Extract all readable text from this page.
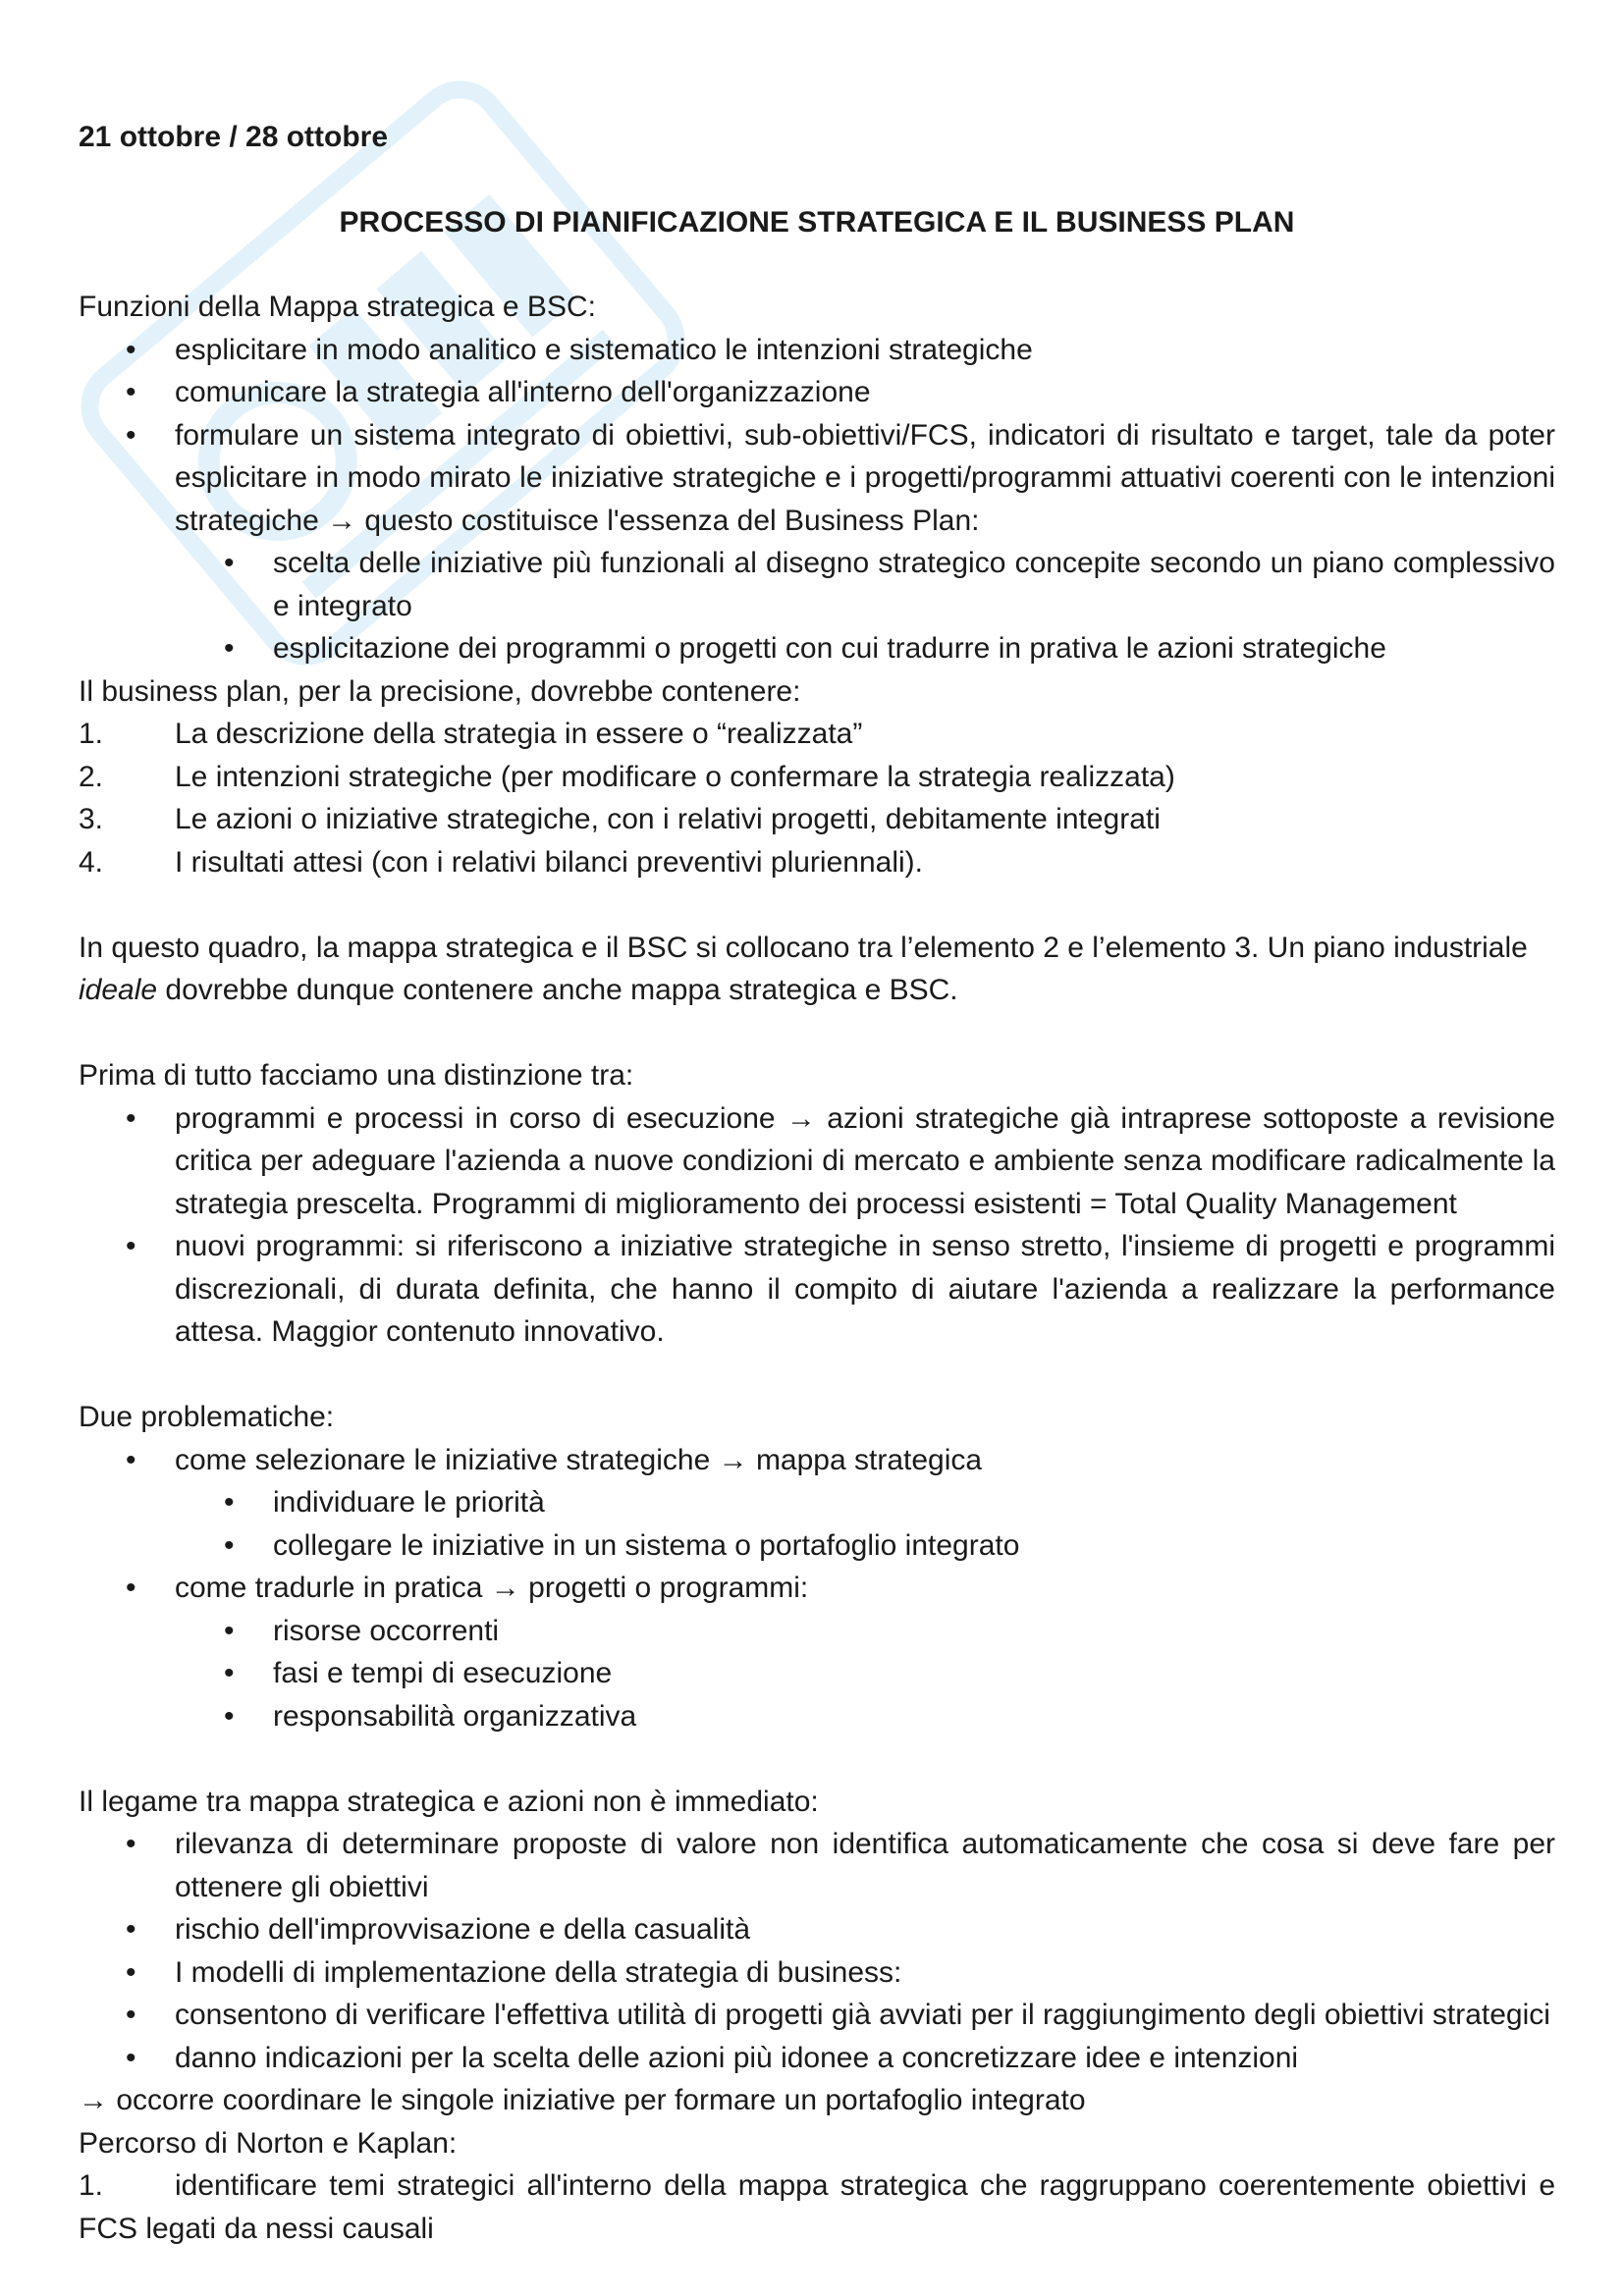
21 ottobre / 28 ottobre

PROCESSO DI PIANIFICAZIONE STRATEGICA E IL BUSINESS PLAN

Funzioni della Mappa strategica e BSC:

• esplicitare in modo analitico e sistematico le intenzioni strategiche
• comunicare la strategia all'interno dell'organizzazione
• formulare un sistema integrato di obiettivi, sub-obiettivi/FCS, indicatori di risultato e target, tale da poter esplicitare in modo mirato le iniziative strategiche e i progetti/programmi attuativi coerenti con le intenzioni strategiche → questo costituisce l'essenza del Business Plan:
• scelta delle iniziative più funzionali al disegno strategico concepite secondo un piano complessivo e integrato
• esplicitazione dei programmi o progetti con cui tradurre in prativa le azioni strategiche

Il business plan, per la precisione, dovrebbe contenere:

1. La descrizione della strategia in essere o “realizzata”
2. Le intenzioni strategiche (per modificare o confermare la strategia realizzata)
3. Le azioni o iniziative strategiche, con i relativi progetti, debitamente integrati
4. I risultati attesi (con i relativi bilanci preventivi pluriennali).

In questo quadro, la mappa strategica e il BSC si collocano tra l’elemento 2 e l’elemento 3. Un piano industriale
ideale dovrebbe dunque contenere anche mappa strategica e BSC.

Prima di tutto facciamo una distinzione tra:

• programmi e processi in corso di esecuzione → azioni strategiche già intraprese sottoposte a revisione critica per adeguare l'azienda a nuove condizioni di mercato e ambiente senza modificare radicalmente la strategia prescelta. Programmi di miglioramento dei processi esistenti = Total Quality Management
• nuovi programmi: si riferiscono a iniziative strategiche in senso stretto, l'insieme di progetti e programmi discrezionali, di durata definita, che hanno il compito di aiutare l'azienda a realizzare la performance attesa. Maggior contenuto innovativo.

Due problematiche:

• come selezionare le iniziative strategiche → mappa strategica
• individuare le priorità
• collegare le iniziative in un sistema o portafoglio integrato
• come tradurle in pratica → progetti o programmi:
• risorse occorrenti
• fasi e tempi di esecuzione
• responsabilità organizzativa

Il legame tra mappa strategica e azioni non è immediato:

• rilevanza di determinare proposte di valore non identifica automaticamente che cosa si deve fare per ottenere gli obiettivi
• rischio dell'improvvisazione e della casualità
• I modelli di implementazione della strategia di business:
• consentono di verificare l'effettiva utilità di progetti già avviati per il raggiungimento degli obiettivi strategici
• danno indicazioni per la scelta delle azioni più idonee a concretizzare idee e intenzioni

→ occorre coordinare le singole iniziative per formare un portafoglio integrato

Percorso di Norton e Kaplan:

1. identificare temi strategici all'interno della mappa strategica che raggruppano coerentemente obiettivi e FCS legati da nessi causali
